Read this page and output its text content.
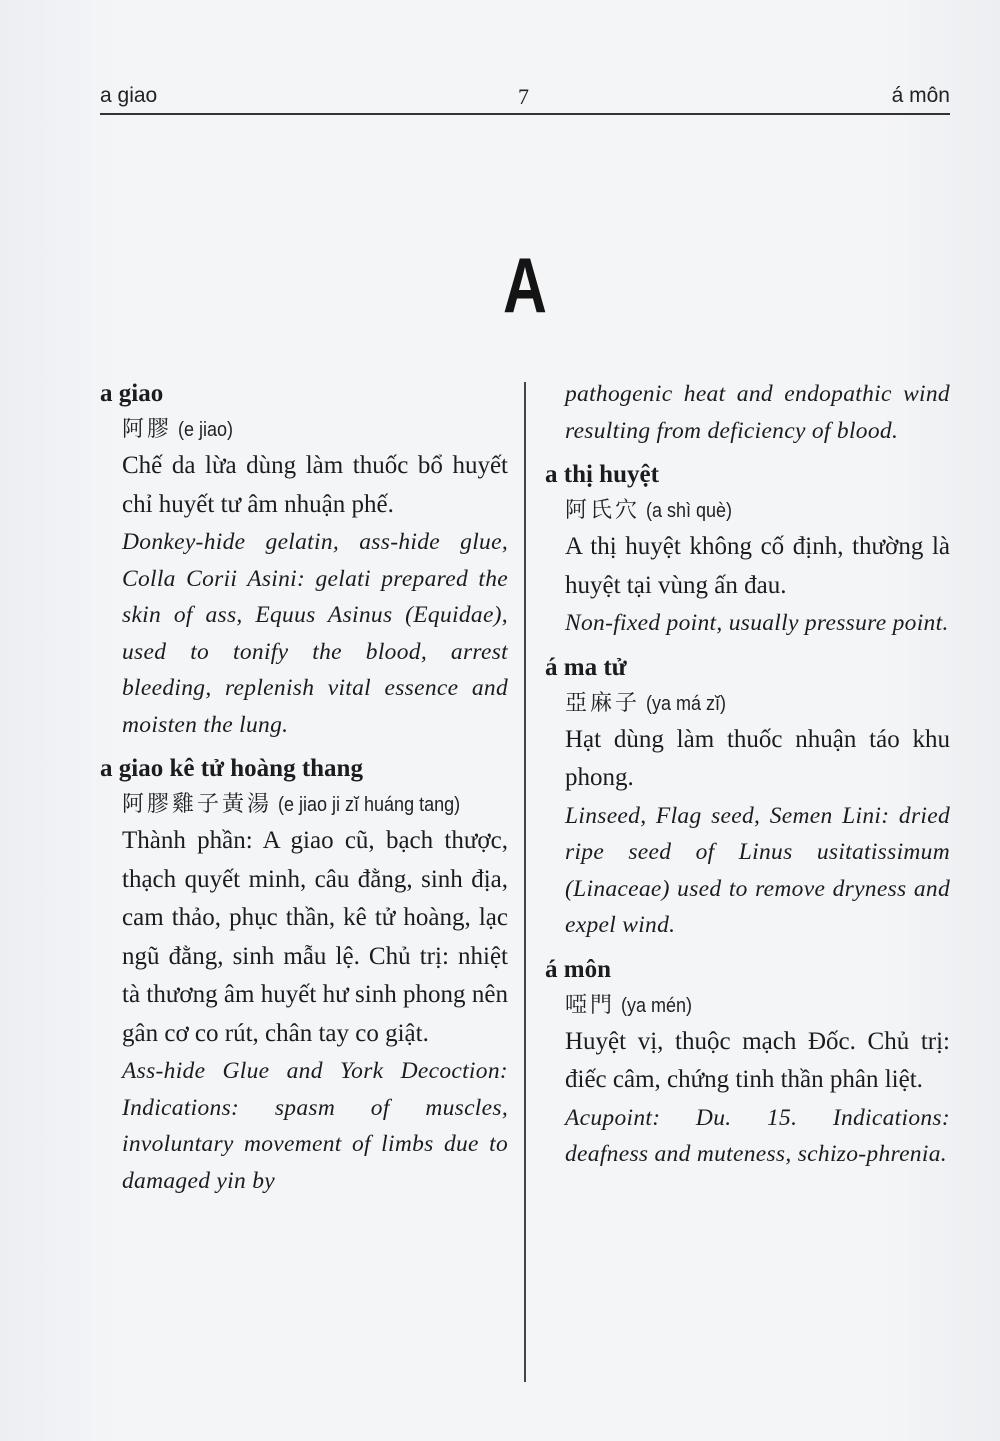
a giao	7	á môn
A

a giao

阿膠 (e jiao)

Chế da lừa dùng làm thuốc bổ huyết chỉ huyết tư âm nhuận phế.

Donkey-hide gelatin, ass-hide glue, Colla Corii Asini: gelati prepared the skin of ass, Equus Asinus (Equidae), used to tonify the blood, arrest bleeding, replenish vital essence and moisten the lung.

a giao kê tử hoàng thang

阿膠雞子黃湯 (e jiao ji zĭ huáng tang)

Thành phần: A giao cũ, bạch thược, thạch quyết minh, câu đằng, sinh địa, cam thảo, phục thần, kê tử hoàng, lạc ngũ đằng, sinh mẫu lệ. Chủ trị: nhiệt tà thương âm huyết hư sinh phong nên gân cơ co rút, chân tay co giật.

Ass-hide Glue and York Decoction: Indications: spasm of muscles, involuntary movement of limbs due to damaged yin by

pathogenic heat and endopathic wind resulting from deficiency of blood.

a thị huyệt

阿氏穴 (a shì què)

A thị huyệt không cố định, thường là huyệt tại vùng ấn đau.

Non-fixed point, usually pressure point.

á ma tử

亞麻子 (ya má zĭ)

Hạt dùng làm thuốc nhuận táo khu phong.

Linseed, Flag seed, Semen Lini: dried ripe seed of Linus usitatissimum (Linaceae) used to remove dryness and expel wind.

á môn

啞門 (ya mén)

Huyệt vị, thuộc mạch Đốc. Chủ trị: điếc câm, chứng tinh thần phân liệt.

Acupoint: Du. 15. Indications: deafness and muteness, schizo-phrenia.
